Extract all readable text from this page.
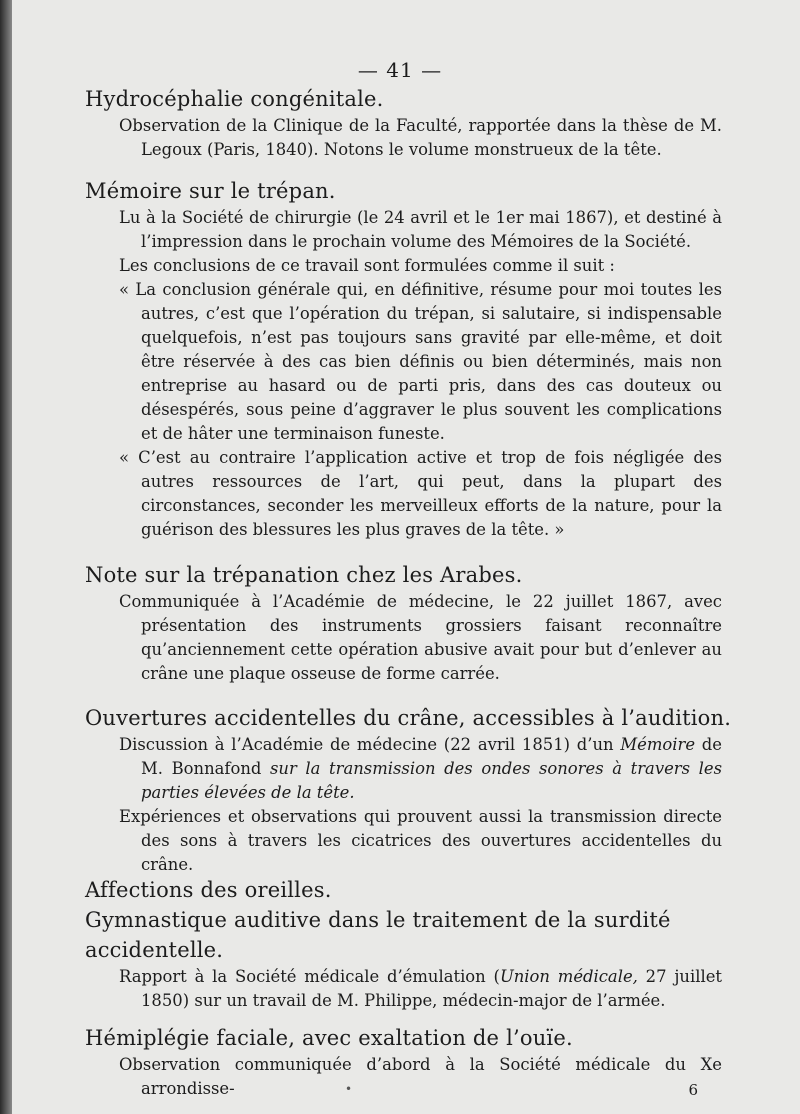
— 41 —
Hydrocéphalie congénitale.

Observation de la Clinique de la Faculté, rapportée dans la thèse de M. Legoux (Paris, 1840). Notons le volume monstrueux de la tête.

Mémoire sur le trépan.

Lu à la Société de chirurgie (le 24 avril et le 1er mai 1867), et destiné à l’impression dans le prochain volume des Mémoires de la Société.

Les conclusions de ce travail sont formulées comme il suit :

« La conclusion générale qui, en définitive, résume pour moi toutes les autres, c’est que l’opération du trépan, si salutaire, si indispensable quelquefois, n’est pas toujours sans gravité par elle-même, et doit être réservée à des cas bien définis ou bien déterminés, mais non entreprise au hasard ou de parti pris, dans des cas douteux ou désespérés, sous peine d’aggraver le plus souvent les complications et de hâter une terminaison funeste.

« C’est au contraire l’application active et trop de fois négligée des autres ressources de l’art, qui peut, dans la plupart des circonstances, seconder les merveilleux efforts de la nature, pour la guérison des blessures les plus graves de la tête. »

Note sur la trépanation chez les Arabes.

Communiquée à l’Académie de médecine, le 22 juillet 1867, avec présentation des instruments grossiers faisant reconnaître qu’anciennement cette opération abusive avait pour but d’enlever au crâne une plaque osseuse de forme carrée.

Ouvertures accidentelles du crâne, accessibles à l’audition.

Discussion à l’Académie de médecine (22 avril 1851) d’un Mémoire de M. Bonnafond sur la transmission des ondes sonores à travers les parties élevées de la tête.

Expériences et observations qui prouvent aussi la transmission directe des sons à travers les cicatrices des ouvertures accidentelles du crâne.

Affections des oreilles.
Gymnastique auditive dans le traitement de la surdité accidentelle.

Rapport à la Société médicale d’émulation (Union médicale, 27 juillet 1850) sur un travail de M. Philippe, médecin-major de l’armée.

Hémiplégie faciale, avec exaltation de l’ouïe.

Observation communiquée d’abord à la Société médicale du Xe arrondisse-	•	6
